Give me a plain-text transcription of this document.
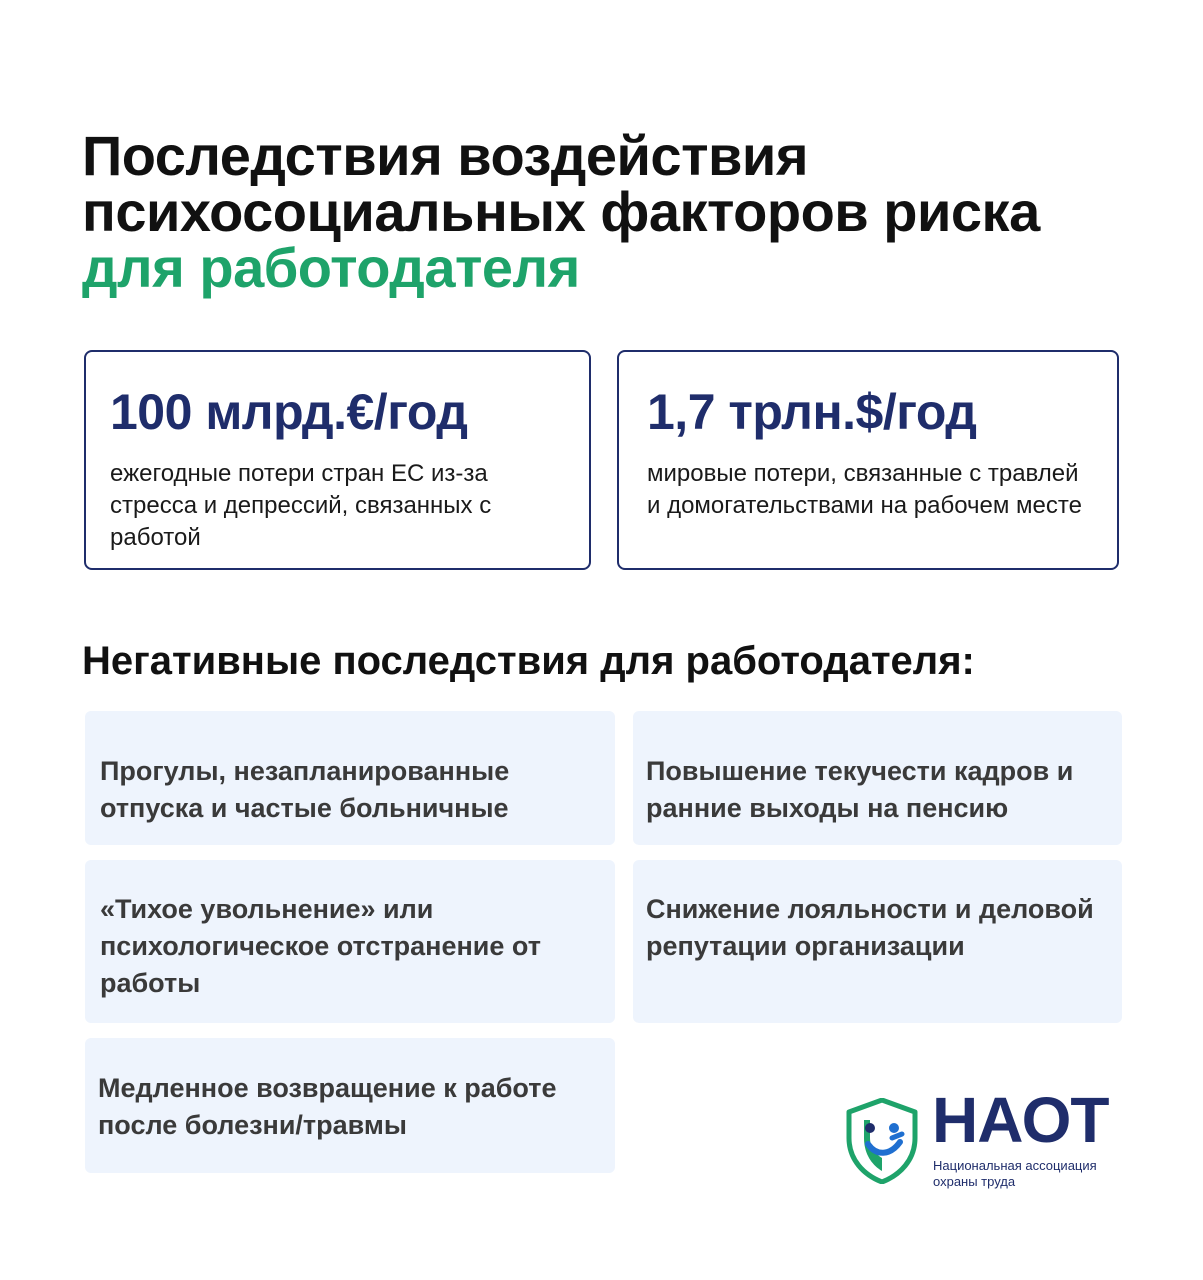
Последствия воздействия
психосоциальных факторов риска
для работодателя
100 млрд.€/год
ежегодные потери стран ЕС из-за стресса и депрессий, связанных с работой
1,7 трлн.$/год
мировые потери, связанные с травлей и домогательствами на рабочем месте
Негативные последствия для работодателя:
Прогулы, незапланированные отпуска и частые больничные
Повышение текучести кадров и ранние выходы на пенсию
«Тихое увольнение» или психологическое отстранение от работы
Снижение лояльности и деловой репутации организации
Медленное возвращение к работе после болезни/травмы	НАОТ
Национальная ассоциация охраны труда
